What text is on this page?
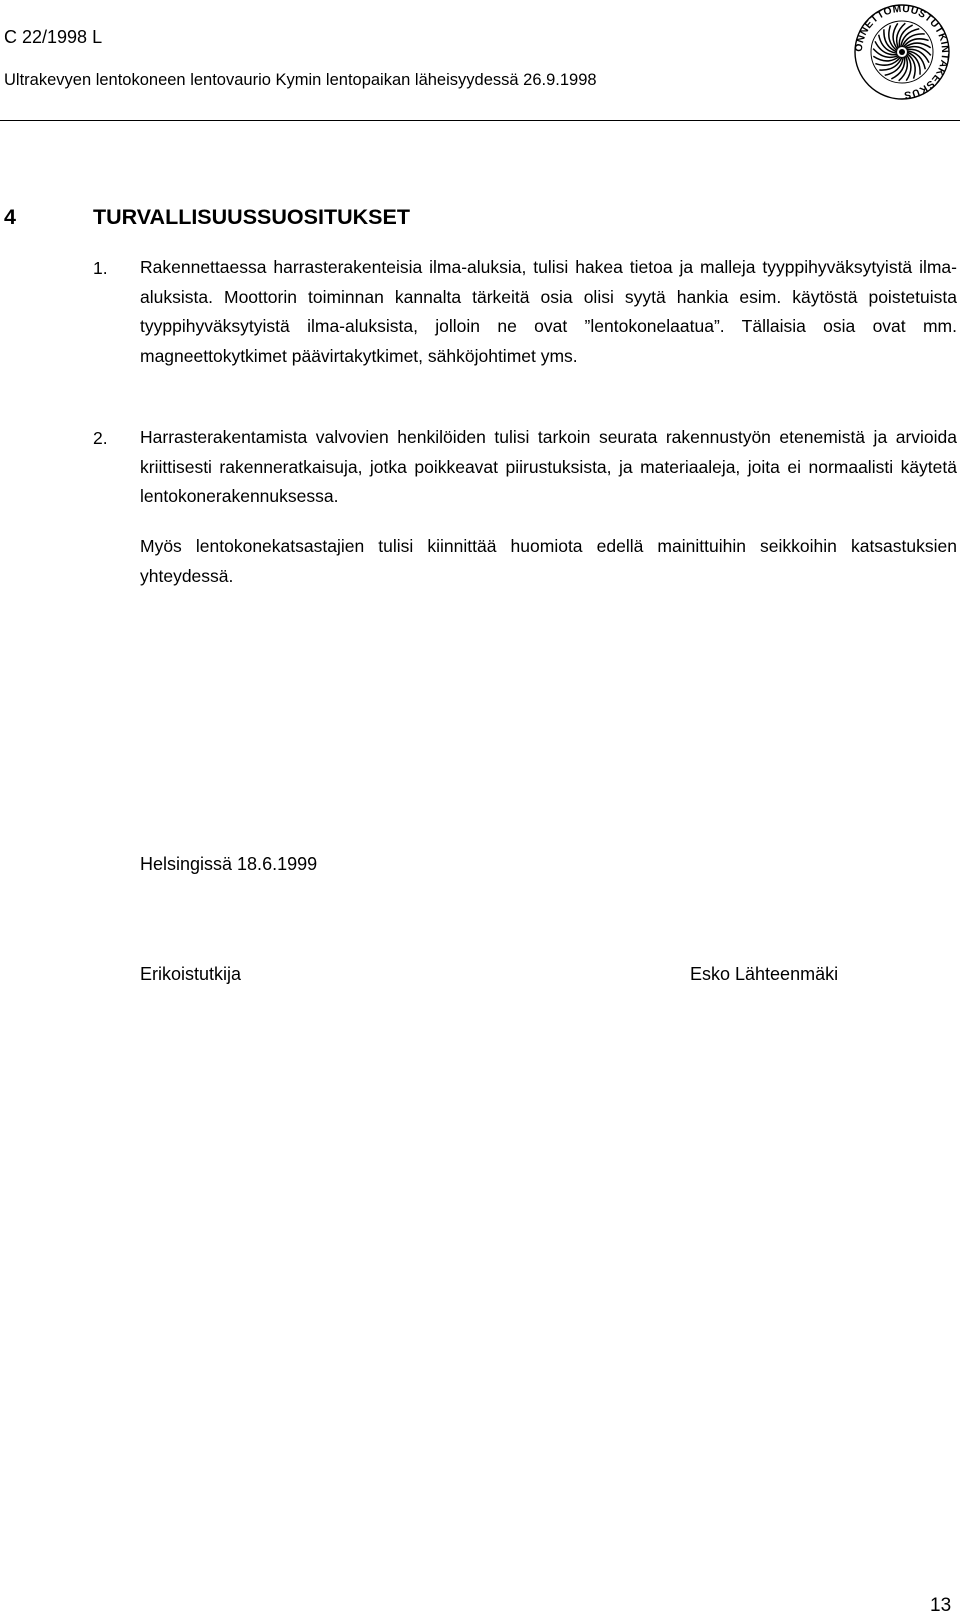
C 22/1998 L
Ultrakevyen lentokoneen lentovaurio Kymin lentopaikan läheisyydessä 26.9.1998
ONNETTOMUUSTUTKINTAKESKUS
4	TURVALLISUUSSUOSITUKSET
1. Rakennettaessa harrasterakenteisia ilma-aluksia, tulisi hakea tietoa ja malleja tyyppihyväksytyistä ilma-aluksista. Moottorin toiminnan kannalta tärkeitä osia olisi syytä hankia esim. käytöstä poistetuista tyyppihyväksytyistä ilma-aluksista, jolloin ne ovat ”lentokonelaatua”. Tällaisia osia ovat mm. magneettokytkimet päävirtakytkimet, sähköjohtimet yms.
2. Harrasterakentamista valvovien henkilöiden tulisi tarkoin seurata rakennustyön etenemistä ja arvioida kriittisesti rakenneratkaisuja, jotka poikkeavat piirustuksista, ja materiaaleja, joita ei normaalisti käytetä lentokonerakennuksessa.
Myös lentokonekatsastajien tulisi kiinnittää huomiota edellä mainittuihin seikkoihin katsastuksien yhteydessä.
Helsingissä 18.6.1999
Erikoistutkija	Esko Lähteenmäki
13
